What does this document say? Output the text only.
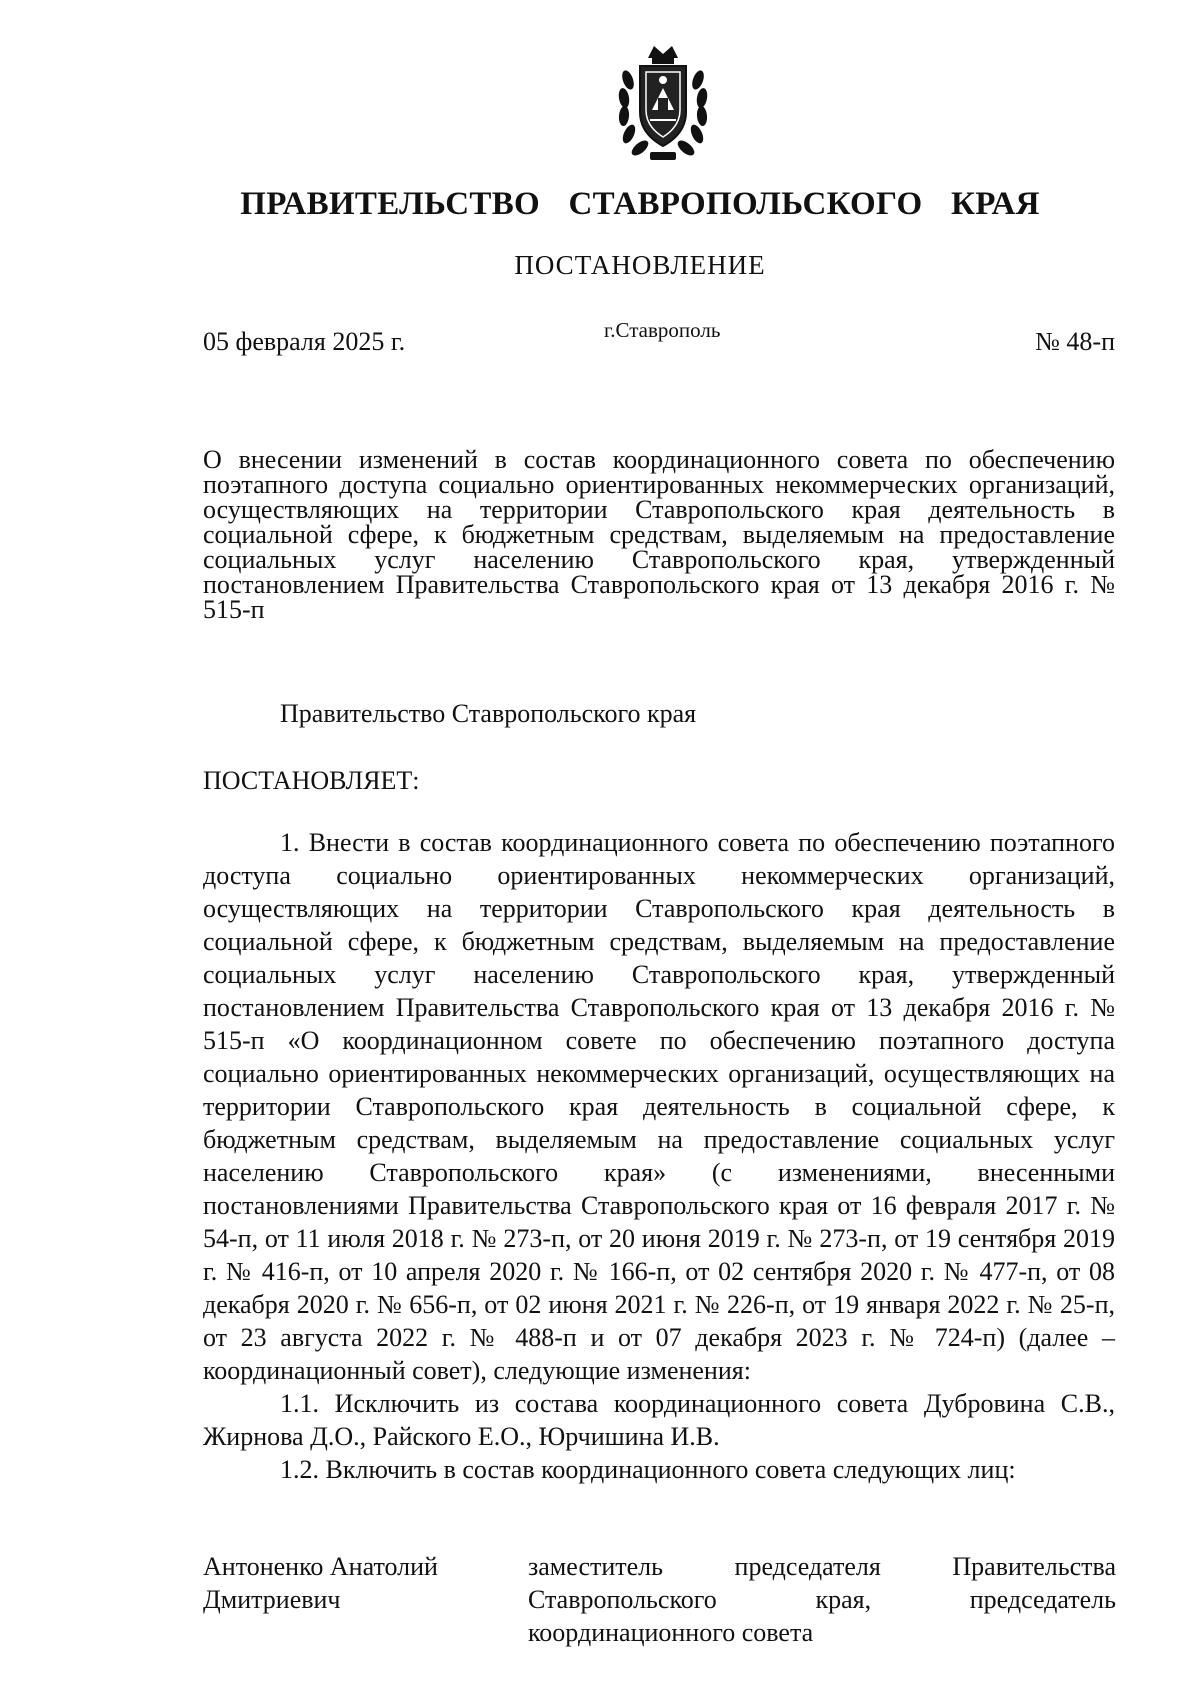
ПРАВИТЕЛЬСТВО СТАВРОПОЛЬСКОГО КРАЯ
ПОСТАНОВЛЕНИЕ
05 февраля 2025 г.	г.Ставрополь	№ 48-п
О внесении изменений в состав координационного совета по обеспечению поэтапного доступа социально ориентированных некоммерческих организаций, осуществляющих на территории Ставропольского края деятельность в социальной сфере, к бюджетным средствам, выделяемым на предоставление социальных услуг населению Ставропольского края, утвержденный постановлением Правительства Ставропольского края от 13 декабря 2016 г. № 515-п
Правительство Ставропольского края
ПОСТАНОВЛЯЕТ:

1. Внести в состав координационного совета по обеспечению поэтапного доступа социально ориентированных некоммерческих организаций, осуществляющих на территории Ставропольского края деятельность в социальной сфере, к бюджетным средствам, выделяемым на предоставление социальных услуг населению Ставропольского края, утвержденный постановлением Правительства Ставропольского края от 13 декабря 2016 г. № 515-п «О координационном совете по обеспечению поэтапного доступа социально ориентированных некоммерческих организаций, осуществляющих на территории Ставропольского края деятельность в социальной сфере, к бюджетным средствам, выделяемым на предоставление социальных услуг населению Ставропольского края» (с изменениями, внесенными постановлениями Правительства Ставропольского края от 16 февраля 2017 г. № 54-п, от 11 июля 2018 г. № 273-п, от 20 июня 2019 г. № 273-п, от 19 сентября 2019 г. № 416-п, от 10 апреля 2020 г. № 166-п, от 02 сентября 2020 г. № 477-п, от 08 декабря 2020 г. № 656-п, от 02 июня 2021 г. № 226-п, от 19 января 2022 г. № 25-п, от 23 августа 2022 г. № 488-п и от 07 декабря 2023 г. № 724-п) (далее – координационный совет), следующие изменения:

1.1. Исключить из состава координационного совета Дубровина С.В., Жирнова Д.О., Райского Е.О., Юрчишина И.В.

1.2. Включить в состав координационного совета следующих лиц:

Антоненко Анатолий
Дмитриевич
заместитель председателя Правительства Ставропольского края, председатель координационного совета
